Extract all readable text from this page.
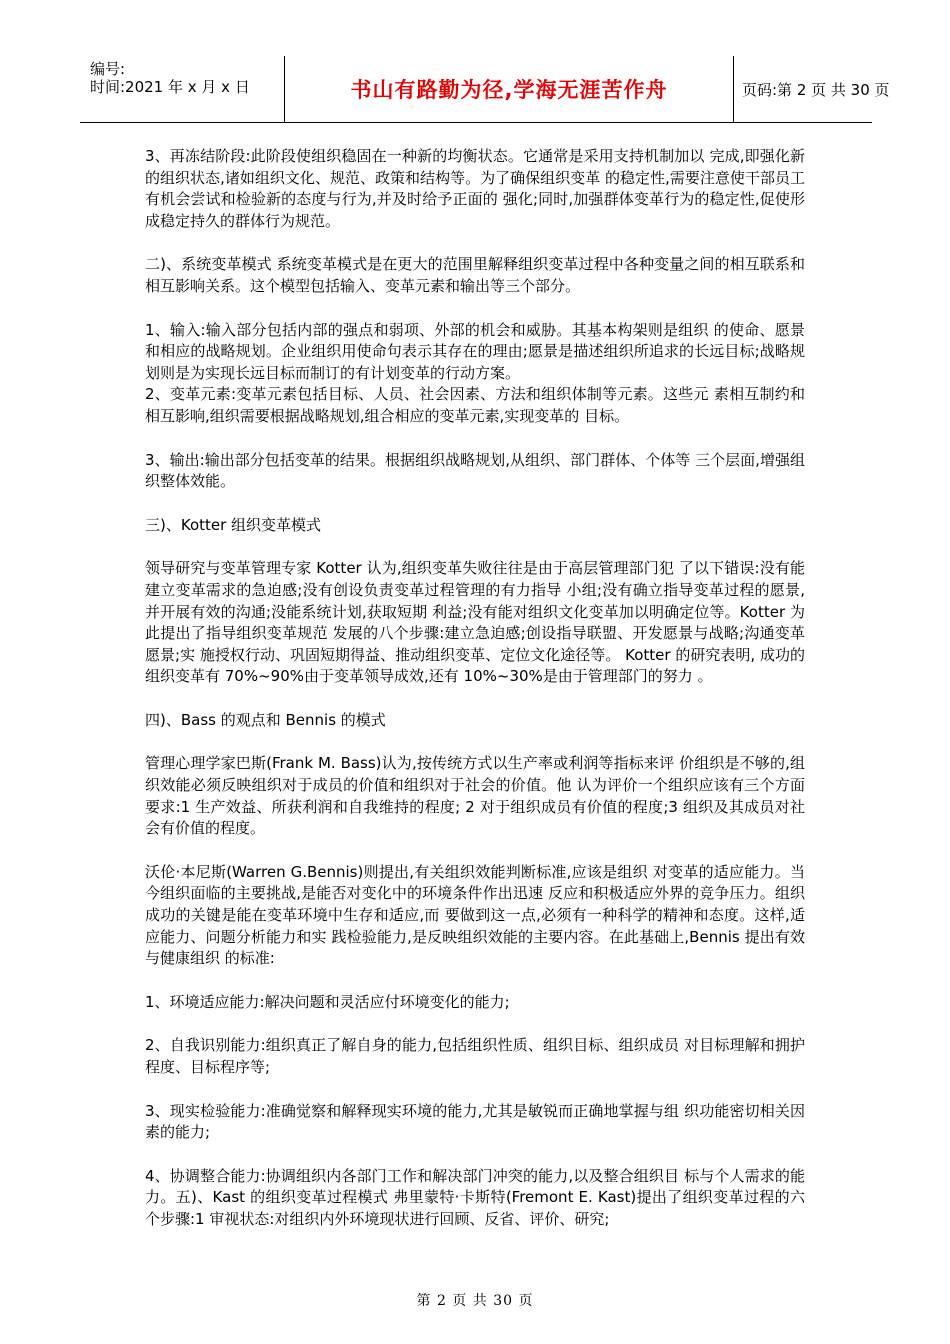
编号:
时间:2021 年 x 月 x 日	书山有路勤为径,学海无涯苦作舟	页码:第 2 页 共 30 页

3、再冻结阶段:此阶段使组织稳固在一种新的均衡状态。它通常是采用支持机制加以 完成,即强化新的组织状态,诸如组织文化、规范、政策和结构等。为了确保组织变革 的稳定性,需要注意使干部员工有机会尝试和检验新的态度与行为,并及时给予正面的 强化;同时,加强群体变革行为的稳定性,促使形成稳定持久的群体行为规范。

二)、系统变革模式 系统变革模式是在更大的范围里解释组织变革过程中各种变量之间的相互联系和 相互影响关系。这个模型包括输入、变革元素和输出等三个部分。

1、输入:输入部分包括内部的强点和弱项、外部的机会和威胁。其基本构架则是组织 的使命、愿景和相应的战略规划。企业组织用使命句表示其存在的理由;愿景是描述组织所追求的长远目标;战略规划则是为实现长远目标而制订的有计划变革的行动方案。

2、变革元素:变革元素包括目标、人员、社会因素、方法和组织体制等元素。这些元 素相互制约和相互影响,组织需要根据战略规划,组合相应的变革元素,实现变革的 目标。

3、输出:输出部分包括变革的结果。根据组织战略规划,从组织、部门群体、个体等 三个层面,增强组织整体效能。

三)、Kotter 组织变革模式

领导研究与变革管理专家 Kotter 认为,组织变革失败往往是由于高层管理部门犯 了以下错误:没有能建立变革需求的急迫感;没有创设负责变革过程管理的有力指导 小组;没有确立指导变革过程的愿景,并开展有效的沟通;没能系统计划,获取短期 利益;没有能对组织文化变革加以明确定位等。Kotter 为此提出了指导组织变革规范 发展的八个步骤:建立急迫感;创设指导联盟、开发愿景与战略;沟通变革愿景;实 施授权行动、巩固短期得益、推动组织变革、定位文化途径等。 Kotter 的研究表明, 成功的组织变革有 70%~90%由于变革领导成效,还有 10%~30%是由于管理部门的努力 。

四)、Bass 的观点和 Bennis 的模式

管理心理学家巴斯(Frank M. Bass)认为,按传统方式以生产率或利润等指标来评 价组织是不够的,组织效能必须反映组织对于成员的价值和组织对于社会的价值。他 认为评价一个组织应该有三个方面要求:1 生产效益、所获利润和自我维持的程度; 2 对于组织成员有价值的程度;3 组织及其成员对社会有价值的程度。

沃伦·本尼斯(Warren G.Bennis)则提出,有关组织效能判断标准,应该是组织 对变革的适应能力。当今组织面临的主要挑战,是能否对变化中的环境条件作出迅速 反应和积极适应外界的竞争压力。组织成功的关键是能在变革环境中生存和适应,而 要做到这一点,必须有一种科学的精神和态度。这样,适应能力、问题分析能力和实 践检验能力,是反映组织效能的主要内容。在此基础上,Bennis 提出有效与健康组织 的标准:

1、环境适应能力:解决问题和灵活应付环境变化的能力;

2、自我识别能力:组织真正了解自身的能力,包括组织性质、组织目标、组织成员 对目标理解和拥护程度、目标程序等;

3、现实检验能力:准确觉察和解释现实环境的能力,尤其是敏锐而正确地掌握与组 织功能密切相关因素的能力;

4、协调整合能力:协调组织内各部门工作和解决部门冲突的能力,以及整合组织目 标与个人需求的能力。五)、Kast 的组织变革过程模式 弗里蒙特·卡斯特(Fremont E. Kast)提出了组织变革过程的六个步骤:1 审视状态:对组织内外环境现状进行回顾、反省、评价、研究;

第 2 页 共 30 页
